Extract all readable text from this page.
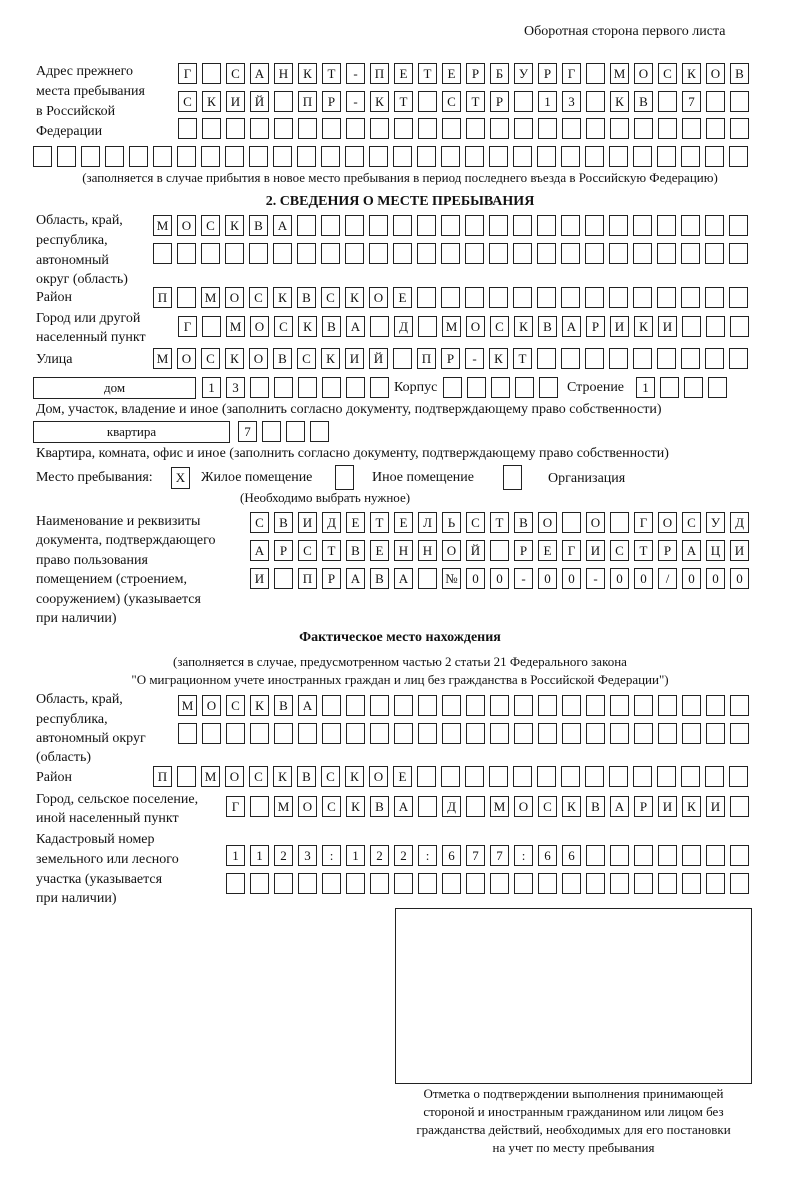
Оборотная сторона первого листа
Адрес прежнего
места пребывания
в Российской
Федерации
Г	С	А	Н	К	Т	-	П	Е	Т	Е	Р	Б	У	Р	Г	М	О	С	К	О	В
С	К	И	Й	П	Р	-	К	Т	С	Т	Р	1	3	К	В	7
(заполняется в случае прибытия в новое место пребывания в период последнего въезда в Российскую Федерацию)
2. СВЕДЕНИЯ О МЕСТЕ ПРЕБЫВАНИЯ
Область, край,
республика,
автономный
округ (область)
М	О	С	К	В	А
Район	П	М	О	С	К	В	С	К	О	Е
Город или другой
населенный пункт
Г	М	О	С	К	В	А	Д	М	О	С	К	В	А	Р	И	К	И
Улица	М	О	С	К	О	В	С	К	И	Й	П	Р	-	К	Т
дом	1	3	Корпус	Строение	1
Дом, участок, владение и иное (заполнить согласно документу, подтверждающему право собственности)
квартира	7
Квартира, комната, офис и иное (заполнить согласно документу, подтверждающему право собственности)
Место пребывания:	Х	Жилое помещение	Иное помещение	Организация
(Необходимо выбрать нужное)
Наименование и реквизиты
документа, подтверждающего
право пользования
помещением (строением,
сооружением) (указывается
при наличии)
С	В	И	Д	Е	Т	Е	Л	Ь	С	Т	В	О	О	Г	О	С	У	Д
А	Р	С	Т	В	Е	Н	Н	О	Й	Р	Е	Г	И	С	Т	Р	А	Ц	И
И	П	Р	А	В	А	№	0	0	-	0	0	-	0	0	/	0	0	0
Фактическое место нахождения
(заполняется в случае, предусмотренном частью 2 статьи 21 Федерального закона
"О миграционном учете иностранных граждан и лиц без гражданства в Российской Федерации")
Область, край,
республика,
автономный округ
(область)
М	О	С	К	В	А
Район	П	М	О	С	К	В	С	К	О	Е
Город, сельское поселение,
иной населенный пункт
Г	М	О	С	К	В	А	Д	М	О	С	К	В	А	Р	И	К	И
Кадастровый номер
земельного или лесного
участка (указывается
при наличии)
1	1	2	3	:	1	2	2	:	6	7	7	:	6	6
Отметка о подтверждении выполнения принимающей
стороной и иностранным гражданином или лицом без
гражданства действий, необходимых для его постановки
на учет по месту пребывания
